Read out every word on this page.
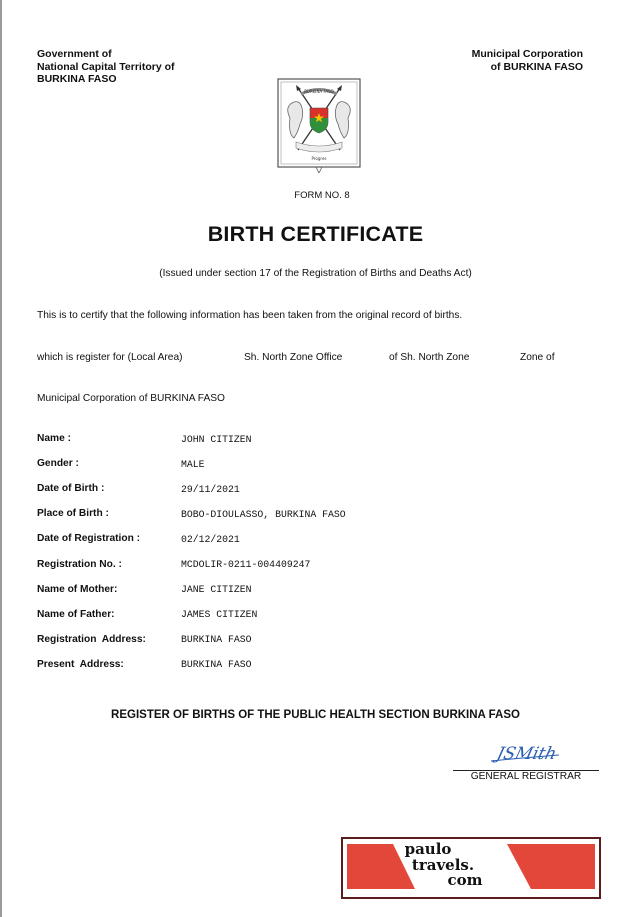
Government of
National Capital Territory of
BURKINA FASO
Municipal Corporation
of BURKINA FASO
BURKINA FASO
Progres
FORM NO. 8
BIRTH CERTIFICATE
(Issued under section 17 of the Registration of Births and Deaths Act)
This is to certify that the following information has been taken from the original record of births.
which is register for (Local Area)	Sh. North Zone Office	of Sh. North Zone	Zone of
Municipal Corporation of BURKINA FASO
Name :	JOHN CITIZEN
Gender :	MALE
Date of Birth :	29/11/2021
Place of Birth :	BOBO-DIOULASSO, BURKINA FASO
Date of Registration :	02/12/2021
Registration No. :	MCDOLIR-0211-004409247
Name of Mother:	JANE CITIZEN
Name of Father:	JAMES CITIZEN
Registration  Address:	BURKINA FASO
Present  Address:	BURKINA FASO
REGISTER OF BIRTHS OF THE PUBLIC HEALTH SECTION BURKINA FASO
JSMith
GENERAL REGISTRAR
paulo
travels.
com
